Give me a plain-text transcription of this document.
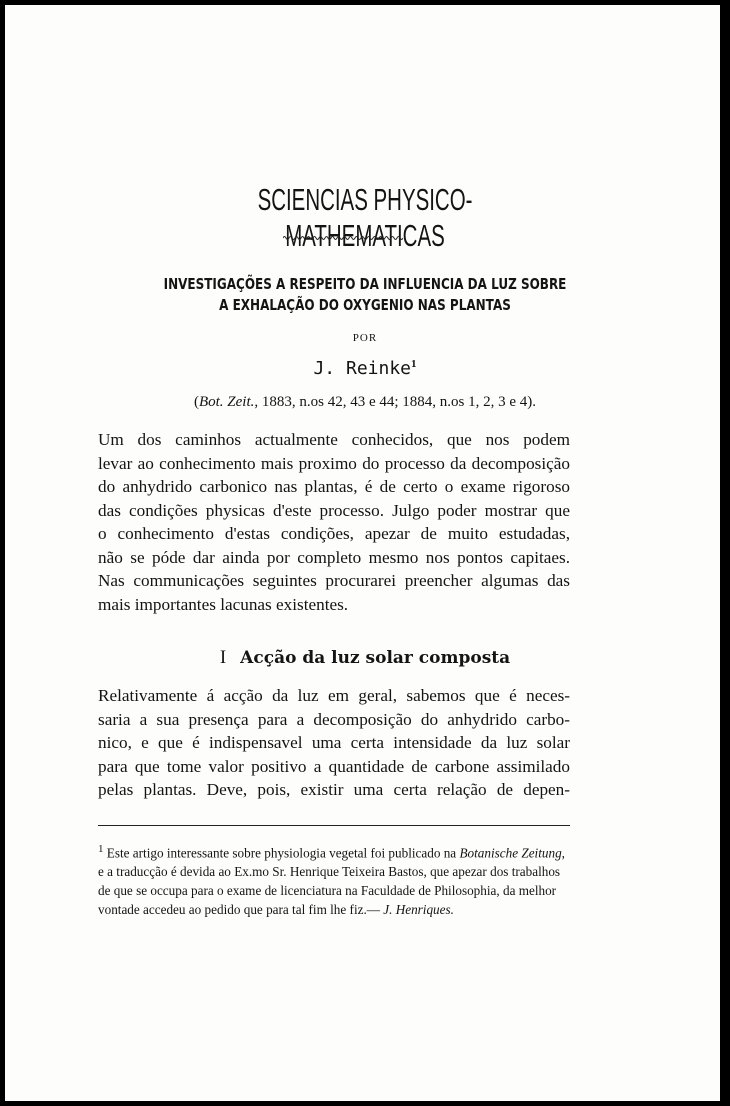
SCIENCIAS PHYSICO-MATHEMATICAS
INVESTIGAÇÕES A RESPEITO DA INFLUENCIA DA LUZ SOBRE
A EXHALAÇÃO DO OXYGENIO NAS PLANTAS
POR
J. Reinke$^1$
(Bot. Zeit., 1883, n.os 42, 43 e 44; 1884, n.os 1, 2, 3 e 4).
Um dos caminhos actualmente conhecidos, que nos podem
levar ao conhecimento mais proximo do processo da decomposição
do anhydrido carbonico nas plantas, é de certo o exame rigoroso
das condições physicas d'este processo. Julgo poder mostrar que
o conhecimento d'estas condições, apezar de muito estudadas,
não se póde dar ainda por completo mesmo nos pontos capitaes.
Nas communicações seguintes procurarei preencher algumas das
mais importantes lacunas existentes.
I Acção da luz solar composta
Relativamente á acção da luz em geral, sabemos que é neces-
saria a sua presença para a decomposição do anhydrido carbo-
nico, e que é indispensavel uma certa intensidade da luz solar
para que tome valor positivo a quantidade de carbone assimilado
pelas plantas. Deve, pois, existir uma certa relação de depen-

$^1$ Este artigo interessante sobre physiologia vegetal foi publicado na Botanische Zeitung, e a traducção é devida ao Ex.mo Sr. Henrique Teixeira Bastos, que apezar dos trabalhos de que se occupa para o exame de licenciatura na Faculdade de Philosophia, da melhor vontade accedeu ao pedido que para tal fim lhe fiz.— J. Henriques.
